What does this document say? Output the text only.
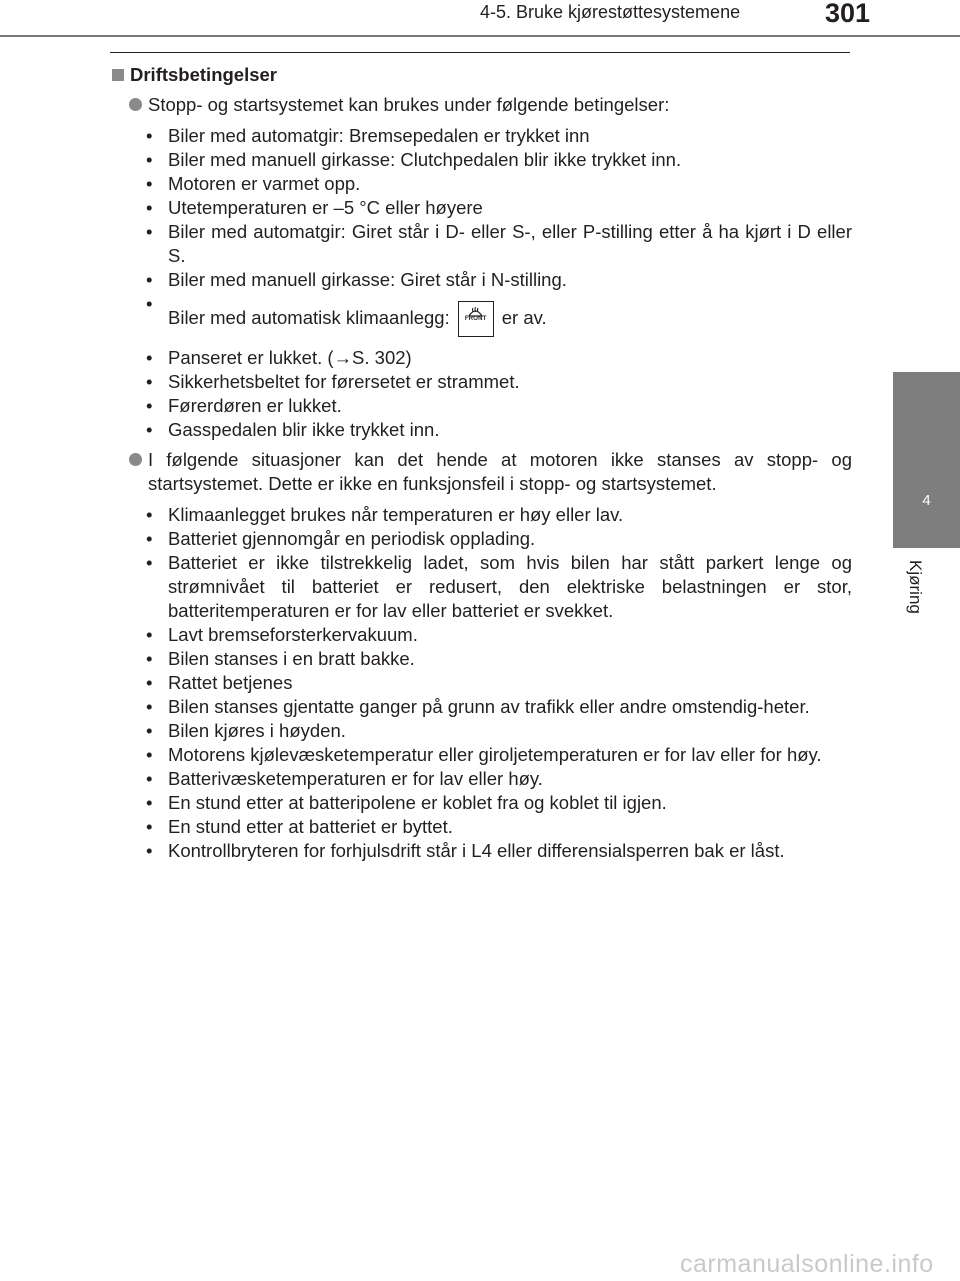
4-5. Bruke kjørestøttesystemene	301
4
Kjøring
Driftsbetingelser
Stopp- og startsystemet kan brukes under følgende betingelser:
• Biler med automatgir: Bremsepedalen er trykket inn
• Biler med manuell girkasse: Clutchpedalen blir ikke trykket inn.
• Motoren er varmet opp.
• Utetemperaturen er –5 °C eller høyere
• Biler med automatgir: Giret står i D- eller S-, eller P-stilling etter å ha kjørt i D eller S.
• Biler med manuell girkasse: Giret står i N-stilling.
• Biler med automatisk klimaanlegg:	FRONT er av.
• Panseret er lukket. (→S. 302)
• Sikkerhetsbeltet for førersetet er strammet.
• Førerdøren er lukket.
• Gasspedalen blir ikke trykket inn.
I følgende situasjoner kan det hende at motoren ikke stanses av stopp- og startsystemet. Dette er ikke en funksjonsfeil i stopp- og startsystemet.
• Klimaanlegget brukes når temperaturen er høy eller lav.
• Batteriet gjennomgår en periodisk opplading.
• Batteriet er ikke tilstrekkelig ladet, som hvis bilen har stått parkert lenge og strømnivået til batteriet er redusert, den elektriske belastningen er stor, batteritemperaturen er for lav eller batteriet er svekket.
• Lavt bremseforsterkervakuum.
• Bilen stanses i en bratt bakke.
• Rattet betjenes
• Bilen stanses gjentatte ganger på grunn av trafikk eller andre omstendig-heter.
• Bilen kjøres i høyden.
• Motorens kjølevæsketemperatur eller giroljetemperaturen er for lav eller for høy.
• Batterivæsketemperaturen er for lav eller høy.
• En stund etter at batteripolene er koblet fra og koblet til igjen.
• En stund etter at batteriet er byttet.
• Kontrollbryteren for forhjulsdrift står i L4 eller differensialsperren bak er låst.
carmanualsonline.info
